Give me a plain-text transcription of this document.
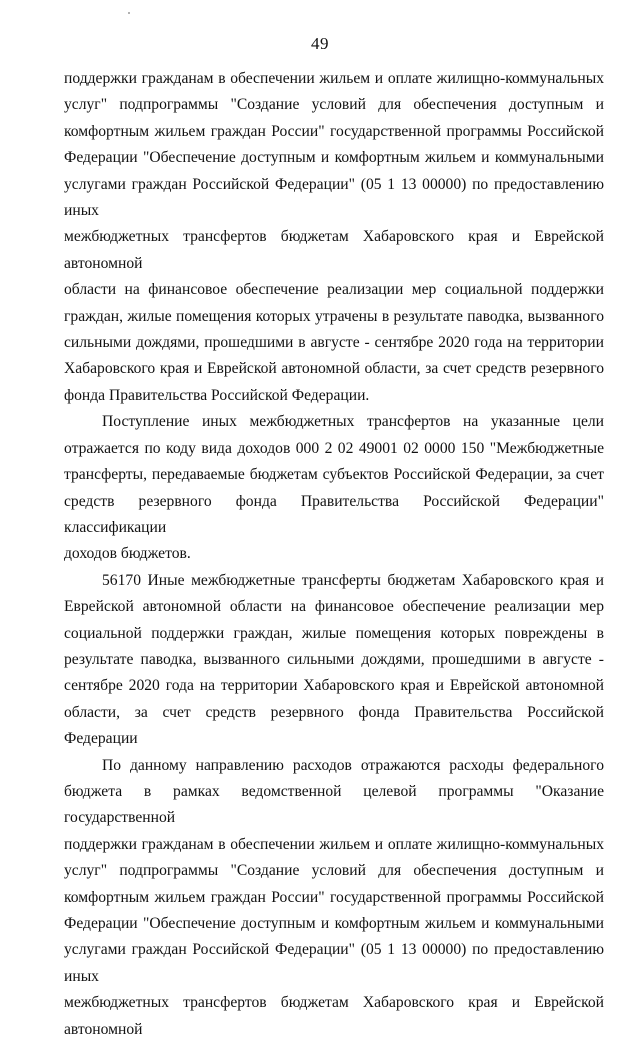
49
поддержки гражданам в обеспечении жильем и оплате жилищно-коммунальных
услуг" подпрограммы "Создание условий для обеспечения доступным и
комфортным жильем граждан России" государственной программы Российской
Федерации "Обеспечение доступным и комфортным жильем и коммунальными
услугами граждан Российской Федерации" (05 1 13 00000) по предоставлению иных
межбюджетных трансфертов бюджетам Хабаровского края и Еврейской автономной
области на финансовое обеспечение реализации мер социальной поддержки
граждан, жилые помещения которых утрачены в результате паводка, вызванного
сильными дождями, прошедшими в августе - сентябре 2020 года на территории
Хабаровского края и Еврейской автономной области, за счет средств резервного
фонда Правительства Российской Федерации.
Поступление иных межбюджетных трансфертов на указанные цели
отражается по коду вида доходов 000 2 02 49001 02 0000 150 "Межбюджетные
трансферты, передаваемые бюджетам субъектов Российской Федерации, за счет
средств резервного фонда Правительства Российской Федерации" классификации
доходов бюджетов.
56170 Иные межбюджетные трансферты бюджетам Хабаровского края и
Еврейской автономной области на финансовое обеспечение реализации мер
социальной поддержки граждан, жилые помещения которых повреждены в
результате паводка, вызванного сильными дождями, прошедшими в августе -
сентябре 2020 года на территории Хабаровского края и Еврейской автономной
области, за счет средств резервного фонда Правительства Российской Федерации
По данному направлению расходов отражаются расходы федерального
бюджета в рамках ведомственной целевой программы "Оказание государственной
поддержки гражданам в обеспечении жильем и оплате жилищно-коммунальных
услуг" подпрограммы "Создание условий для обеспечения доступным и
комфортным жильем граждан России" государственной программы Российской
Федерации "Обеспечение доступным и комфортным жильем и коммунальными
услугами граждан Российской Федерации" (05 1 13 00000) по предоставлению иных
межбюджетных трансфертов бюджетам Хабаровского края и Еврейской автономной
